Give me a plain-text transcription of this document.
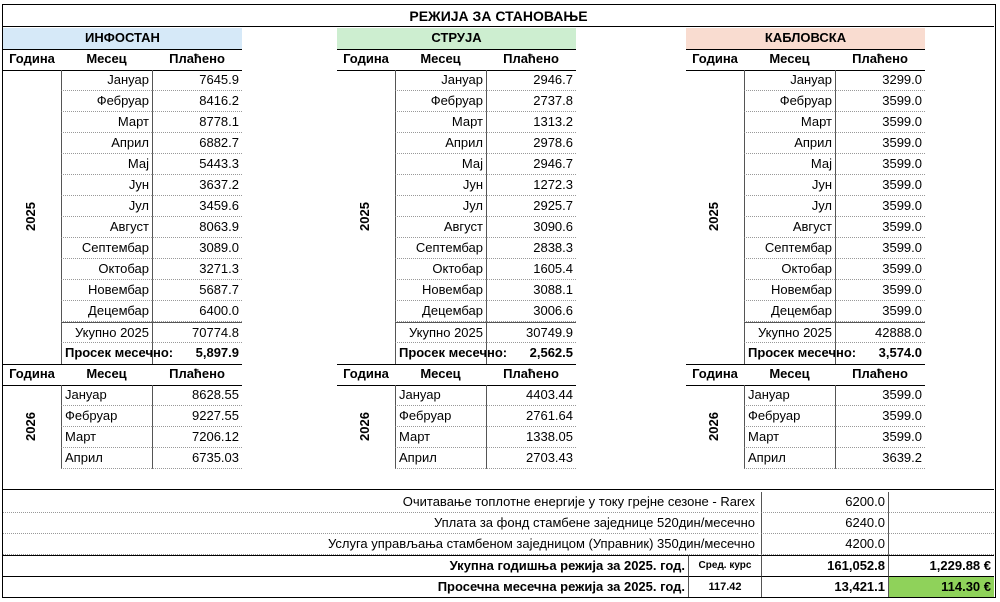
РЕЖИЈА ЗА СТАНОВАЊЕ
ИНФОСТАН
Година	Месец	Плаћено
Јануар	7645.9
Фебруар	8416.2
Март	8778.1
Април	6882.7
Мај	5443.3
Јун	3637.2
Јул	3459.6
Август	8063.9
Септембар	3089.0
Октобар	3271.3
Новембар	5687.7
Децембар	6400.0
Укупно 2025	70774.8
Просек месечно:	5,897.9
2025
Година	Месец	Плаћено
Јануар	8628.55
Фебруар	9227.55
Март	7206.12
Април	6735.03
2026
СТРУЈА
Година	Месец	Плаћено
Јануар	2946.7
Фебруар	2737.8
Март	1313.2
Април	2978.6
Мај	2946.7
Јун	1272.3
Јул	2925.7
Август	3090.6
Септембар	2838.3
Октобар	1605.4
Новембар	3088.1
Децембар	3006.6
Укупно 2025	30749.9
Просек месечно:	2,562.5
2025
Година	Месец	Плаћено
Јануар	4403.44
Фебруар	2761.64
Март	1338.05
Април	2703.43
2026
КАБЛОВСКА
Година	Месец	Плаћено
Јануар	3299.0
Фебруар	3599.0
Март	3599.0
Април	3599.0
Мај	3599.0
Јун	3599.0
Јул	3599.0
Август	3599.0
Септембар	3599.0
Октобар	3599.0
Новембар	3599.0
Децембар	3599.0
Укупно 2025	42888.0
Просек месечно:	3,574.0
2025
Година	Месец	Плаћено
Јануар	3599.0
Фебруар	3599.0
Март	3599.0
Април	3639.2
2026
Очитавање топлотне енергије у току грејне сезоне - Rarex	6200.0
Уплата за фонд стамбене заједнице 520дин/месечно	6240.0
Услуга управљања стамбеном заједницом (Управник) 350дин/месечно	4200.0
Укупна годишња режија за 2025. год.	Сред. курс	161,052.8	1,229.88 €
Просечна месечна режија за 2025. год.	117.42	13,421.1	114.30 €
